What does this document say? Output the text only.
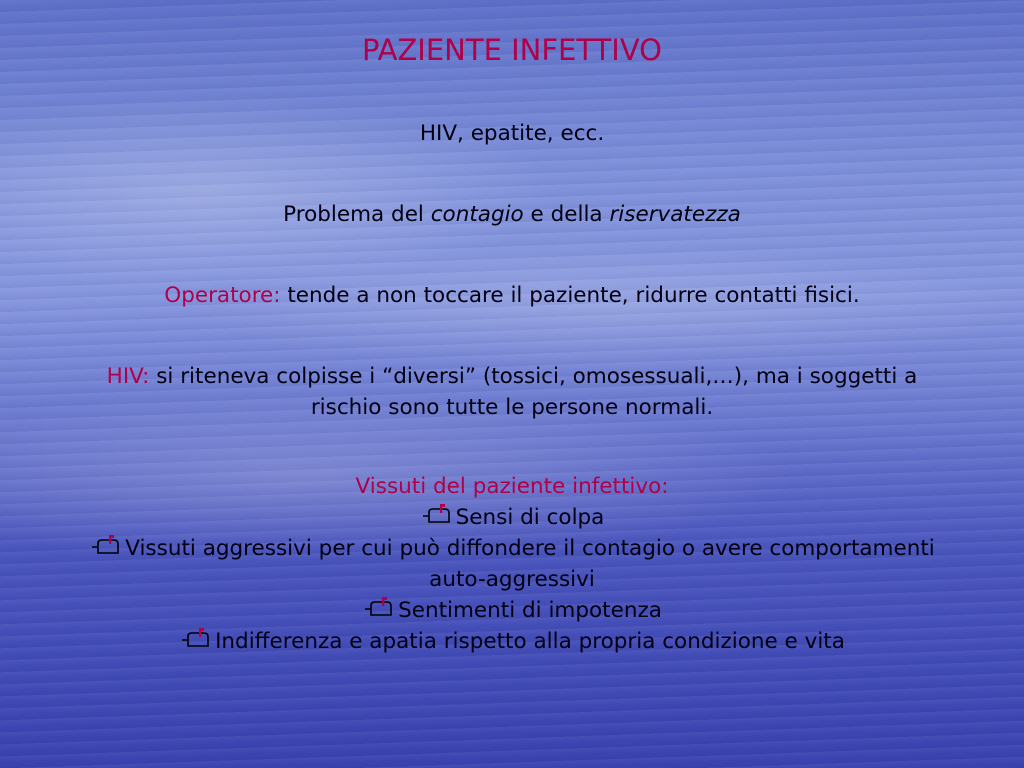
PAZIENTE INFETTIVO

HIV, epatite, ecc.

Problema del contagio e della riservatezza

Operatore: tende a non toccare il paziente, ridurre contatti fisici.

HIV: si riteneva colpisse i “diversi” (tossici, omosessuali,…), ma i soggetti a rischio sono tutte le persone normali.

Vissuti del paziente infettivo:

Sensi di colpa

Vissuti aggressivi per cui può diffondere il contagio o avere comportamenti auto-aggressivi

Sentimenti di impotenza

Indifferenza e apatia rispetto alla propria condizione e vita
